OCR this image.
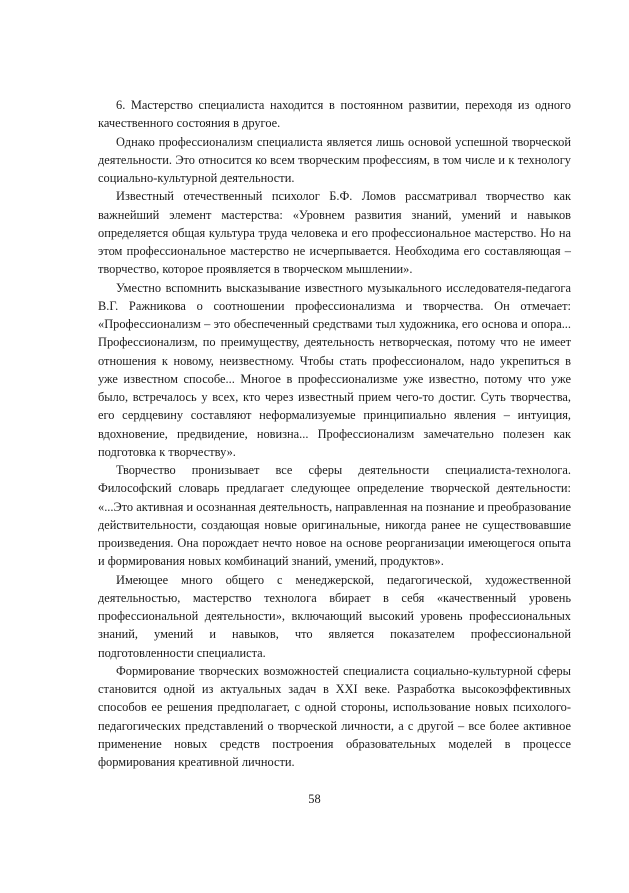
6. Мастерство специалиста находится в постоянном развитии, переходя из одного качественного состояния в другое.

Однако профессионализм специалиста является лишь основой успешной творческой деятельности. Это относится ко всем творческим профессиям, в том числе и к технологу социально-культурной деятельности.

Известный отечественный психолог Б.Ф. Ломов рассматривал творчество как важнейший элемент мастерства: «Уровнем развития знаний, умений и навыков определяется общая культура труда человека и его профессиональное мастерство. Но на этом профессиональное мастерство не исчерпывается. Необходима его составляющая – творчество, которое проявляется в творческом мышлении».

Уместно вспомнить высказывание известного музыкального исследователя-педагога В.Г. Ражникова о соотношении профессионализма и творчества. Он отмечает: «Профессионализм – это обеспеченный средствами тыл художника, его основа и опора... Профессионализм, по преимуществу, деятельность нетворческая, потому что не имеет отношения к новому, неизвестному. Чтобы стать профессионалом, надо укрепиться в уже известном способе... Многое в профессионализме уже известно, потому что уже было, встречалось у всех, кто через известный прием чего-то достиг. Суть творчества, его сердцевину составляют неформализуемые принципиально явления – интуиция, вдохновение, предвидение, новизна... Профессионализм замечательно полезен как подготовка к творчеству».

Творчество пронизывает все сферы деятельности специалиста-технолога. Философский словарь предлагает следующее определение творческой деятельности: «...Это активная и осознанная деятельность, направленная на познание и преобразование действительности, создающая новые оригинальные, никогда ранее не существовавшие произведения. Она порождает нечто новое на основе реорганизации имеющегося опыта и формирования новых комбинаций знаний, умений, продуктов».

Имеющее много общего с менеджерской, педагогической, художественной деятельностью, мастерство технолога вбирает в себя «качественный уровень профессиональной деятельности», включающий высокий уровень профессиональных знаний, умений и навыков, что является показателем профессиональной подготовленности специалиста.

Формирование творческих возможностей специалиста социально-культурной сферы становится одной из актуальных задач в XXI веке. Разработка высокоэффективных способов ее решения предполагает, с одной стороны, использование новых психолого-педагогических представлений о творческой личности, а с другой – все более активное применение новых средств построения образовательных моделей в процессе формирования креативной личности.

58
